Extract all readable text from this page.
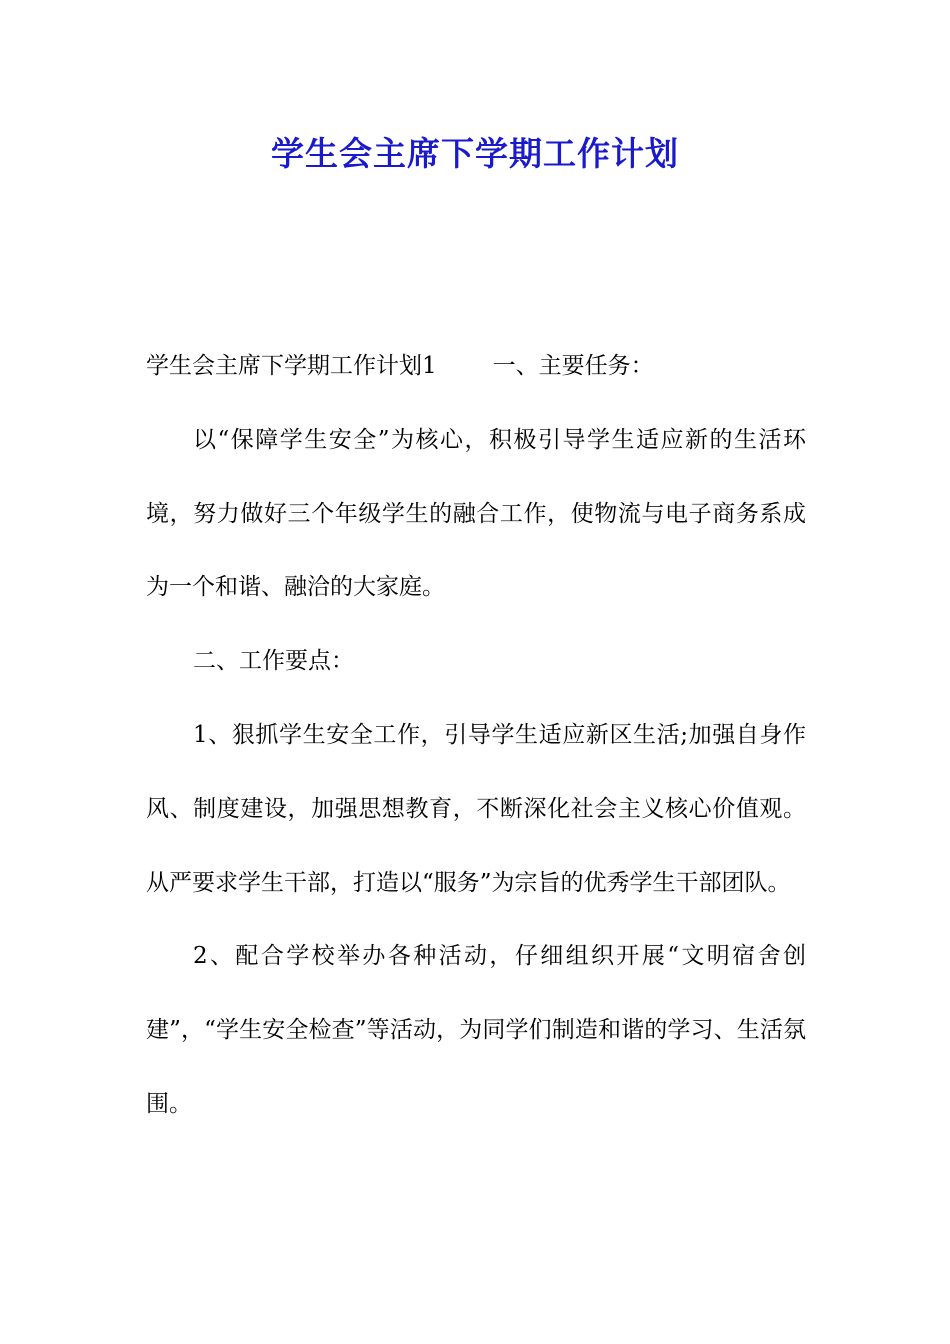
学生会主席下学期工作计划

学生会主席下学期工作计划1 一、主要任务：

以“保障学生安全”为核心，积极引导学生适应新的生活环境，努力做好三个年级学生的融合工作，使物流与电子商务系成为一个和谐、融洽的大家庭。

二、工作要点：

1、狠抓学生安全工作，引导学生适应新区生活;加强自身作风、制度建设，加强思想教育，不断深化社会主义核心价值观。从严要求学生干部，打造以“服务”为宗旨的优秀学生干部团队。

2、配合学校举办各种活动，仔细组织开展“文明宿舍创建”，“学生安全检查”等活动，为同学们制造和谐的学习、生活氛围。
